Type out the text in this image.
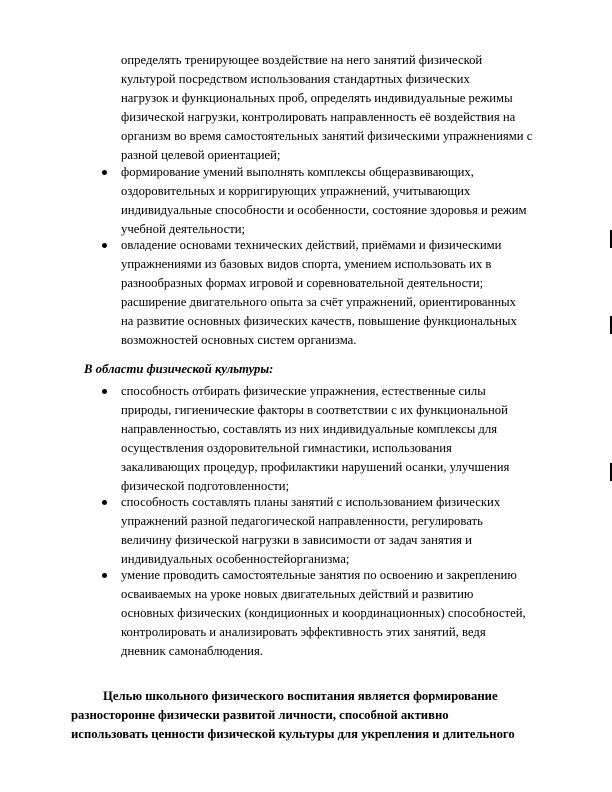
определять тренирующее воздействие на него занятий физической
культурой посредством использования стандартных физических
нагрузок и функциональных проб, определять индивидуальные режимы
физической нагрузки, контролировать направленность её воздействия на
организм во время самостоятельных занятий физическими упражнениями с
разной целевой ориентацией;
формирование умений выполнять комплексы общеразвивающих,
оздоровительных и корригирующих упражнений, учитывающих
индивидуальные способности и особенности, состояние здоровья и режим
учебной деятельности;
овладение основами технических действий, приёмами и физическими
упражнениями из базовых видов спорта, умением использовать их в
разнообразных формах игровой и соревновательной деятельности;
расширение двигательного опыта за счёт упражнений, ориентированных
на развитие основных физических качеств, повышение функциональных
возможностей основных систем организма.
В области физической культуры:
способность отбирать физические упражнения, естественные силы
природы, гигиенические факторы в соответствии с их функциональной
направленностью, составлять из них индивидуальные комплексы для
осуществления оздоровительной гимнастики, использования
закаливающих процедур, профилактики нарушений осанки, улучшения
физической подготовленности;
способность составлять планы занятий с использованием физических
упражнений разной педагогической направленности, регулировать
величину физической нагрузки в зависимости от задач занятия и
индивидуальных особенностейорганизма;
умение проводить самостоятельные занятия по освоению и закреплению
осваиваемых на уроке новых двигательных действий и развитию
основных физических (кондиционных и координационных) способностей,
контролировать и анализировать эффективность этих занятий, ведя
дневник самонаблюдения.
Целью школьного физического воспитания является формирование
разносторонне физически развитой личности, способной активно
использовать ценности физической культуры для укрепления и длительного
